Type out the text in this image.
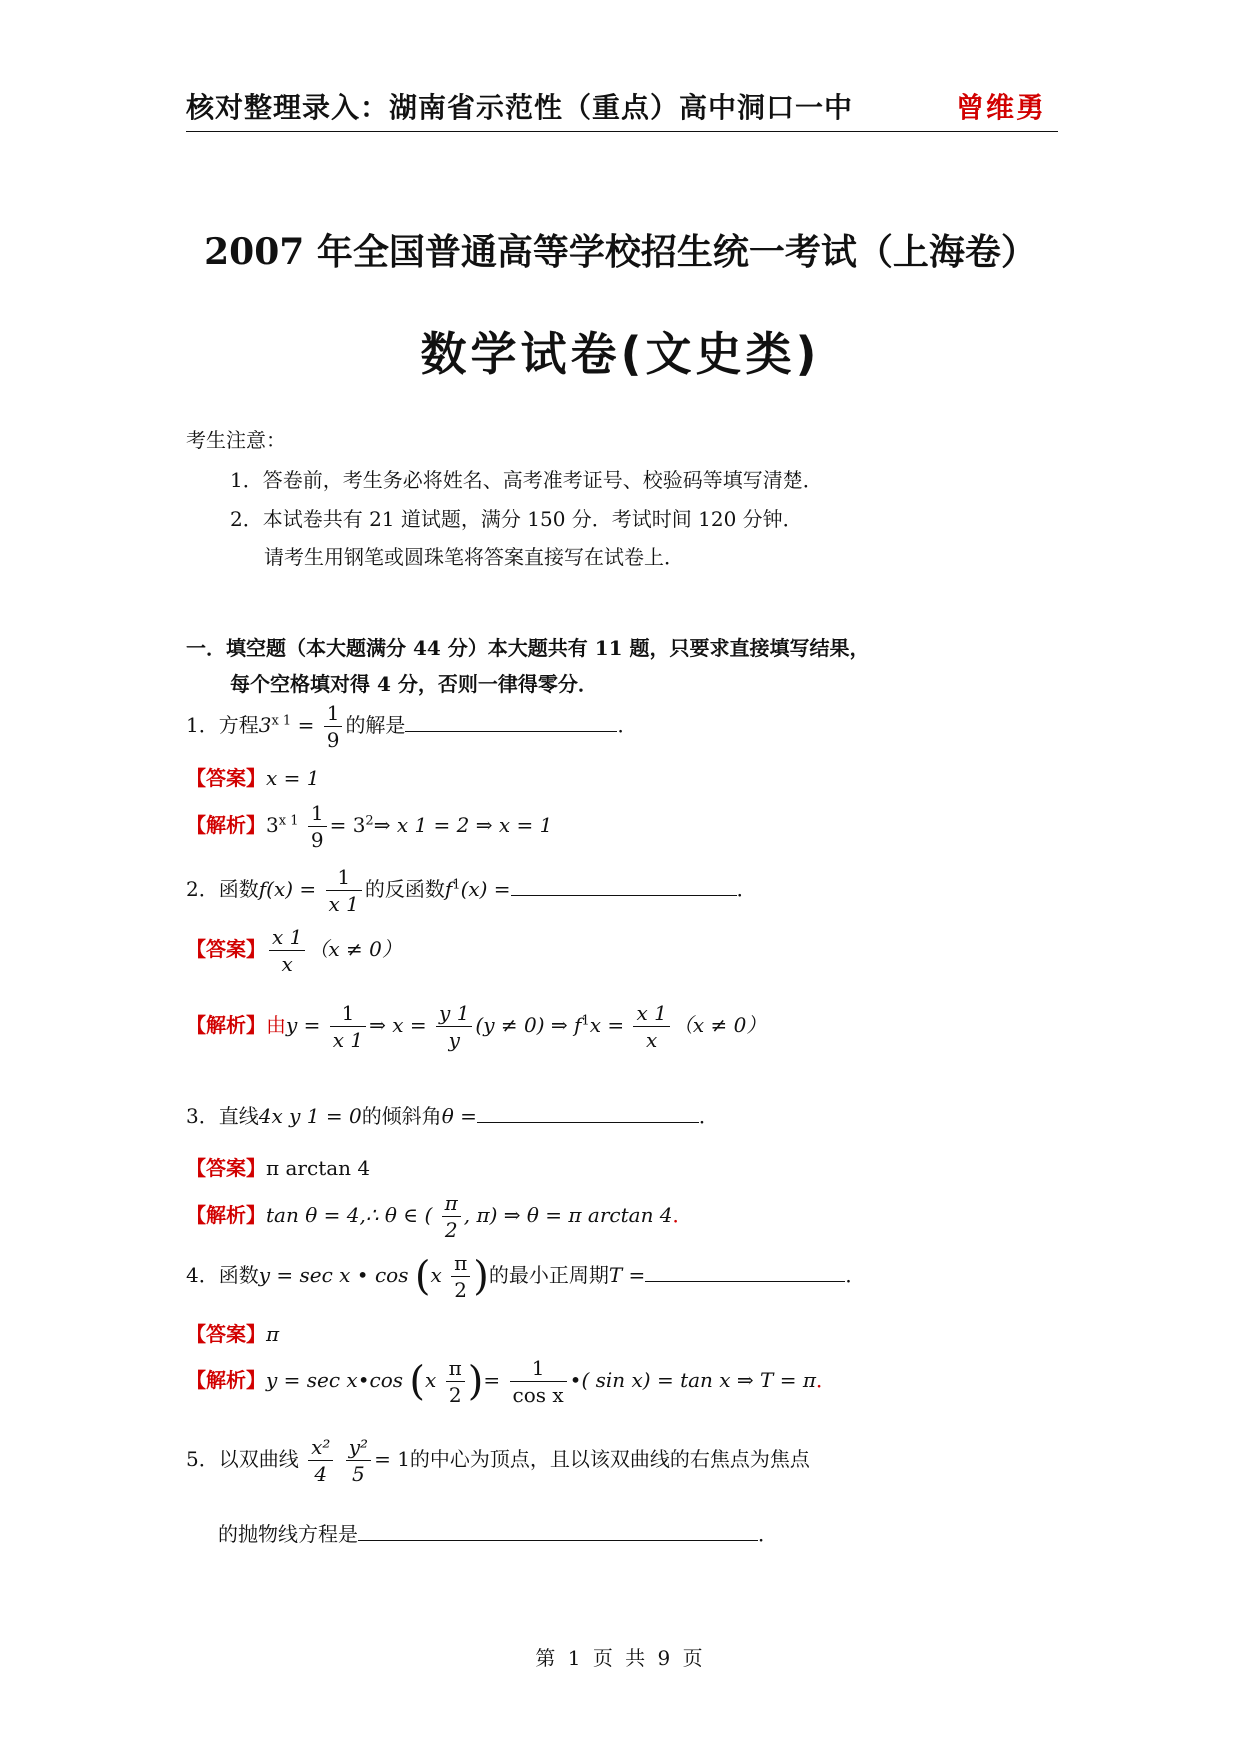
核对整理录入：湖南省示范性（重点）高中洞口一中	曾维勇
2007 年全国普通高等学校招生统一考试（上海卷）
数学试卷(文史类)
考生注意：
1．答卷前，考生务必将姓名、高考准考证号、校验码等填写清楚．
2．本试卷共有 21 道试题，满分 150 分．考试时间 120 分钟．
请考生用钢笔或圆珠笔将答案直接写在试卷上．
一．填空题（本大题满分 44 分）本大题共有 11 题，只要求直接填写结果，
每个空格填对得 4 分，否则一律得零分．
1．方程$3^{x 1} = \frac{1}{9}$ 的解是	．
【答案】x = 1
【解析】$3^{x 1} \frac{1}{9}$ = $3^2\Rightarrow$ x 1 = 2 ⇒ x = 1
2．函数$f(x) = \frac{1}{x 1}$ 的反函数$f^1(x)$ =	．
【答案】 $\frac{x 1}{x} (x \ne 0)$
【解析】由$y = \frac{1}{x 1}$ ⇒ $x = \frac{y 1}{y} (y \ne 0)$ ⇒ $f^1x = \frac{x 1}{x} (x \ne 0)$
3．直线4x y 1 = 0的倾斜角θ =	．
【答案】π arctan 4
【解析】tan θ = 4,∴ θ ∈ ( $\frac{\pi}{2}$ , π) ⇒ θ = π arctan 4．
4．函数y = sec x • $\cos (x \frac{\pi}{2}$ )的最小正周期T =	．
【答案】π
【解析】y = sec x•cos ($x \frac{\pi}{2}$ )= $\frac{1}{\text{cos x}}$ •( sin x) = tan x ⇒ T = π．
5．以双曲线 $\frac{\text{x²}}{4}$
$\frac{\text{y²}}{5} = 1$的中心为顶点，且以该双曲线的右焦点为焦点
的抛物线方程是	．
第 1 页 共 9 页
